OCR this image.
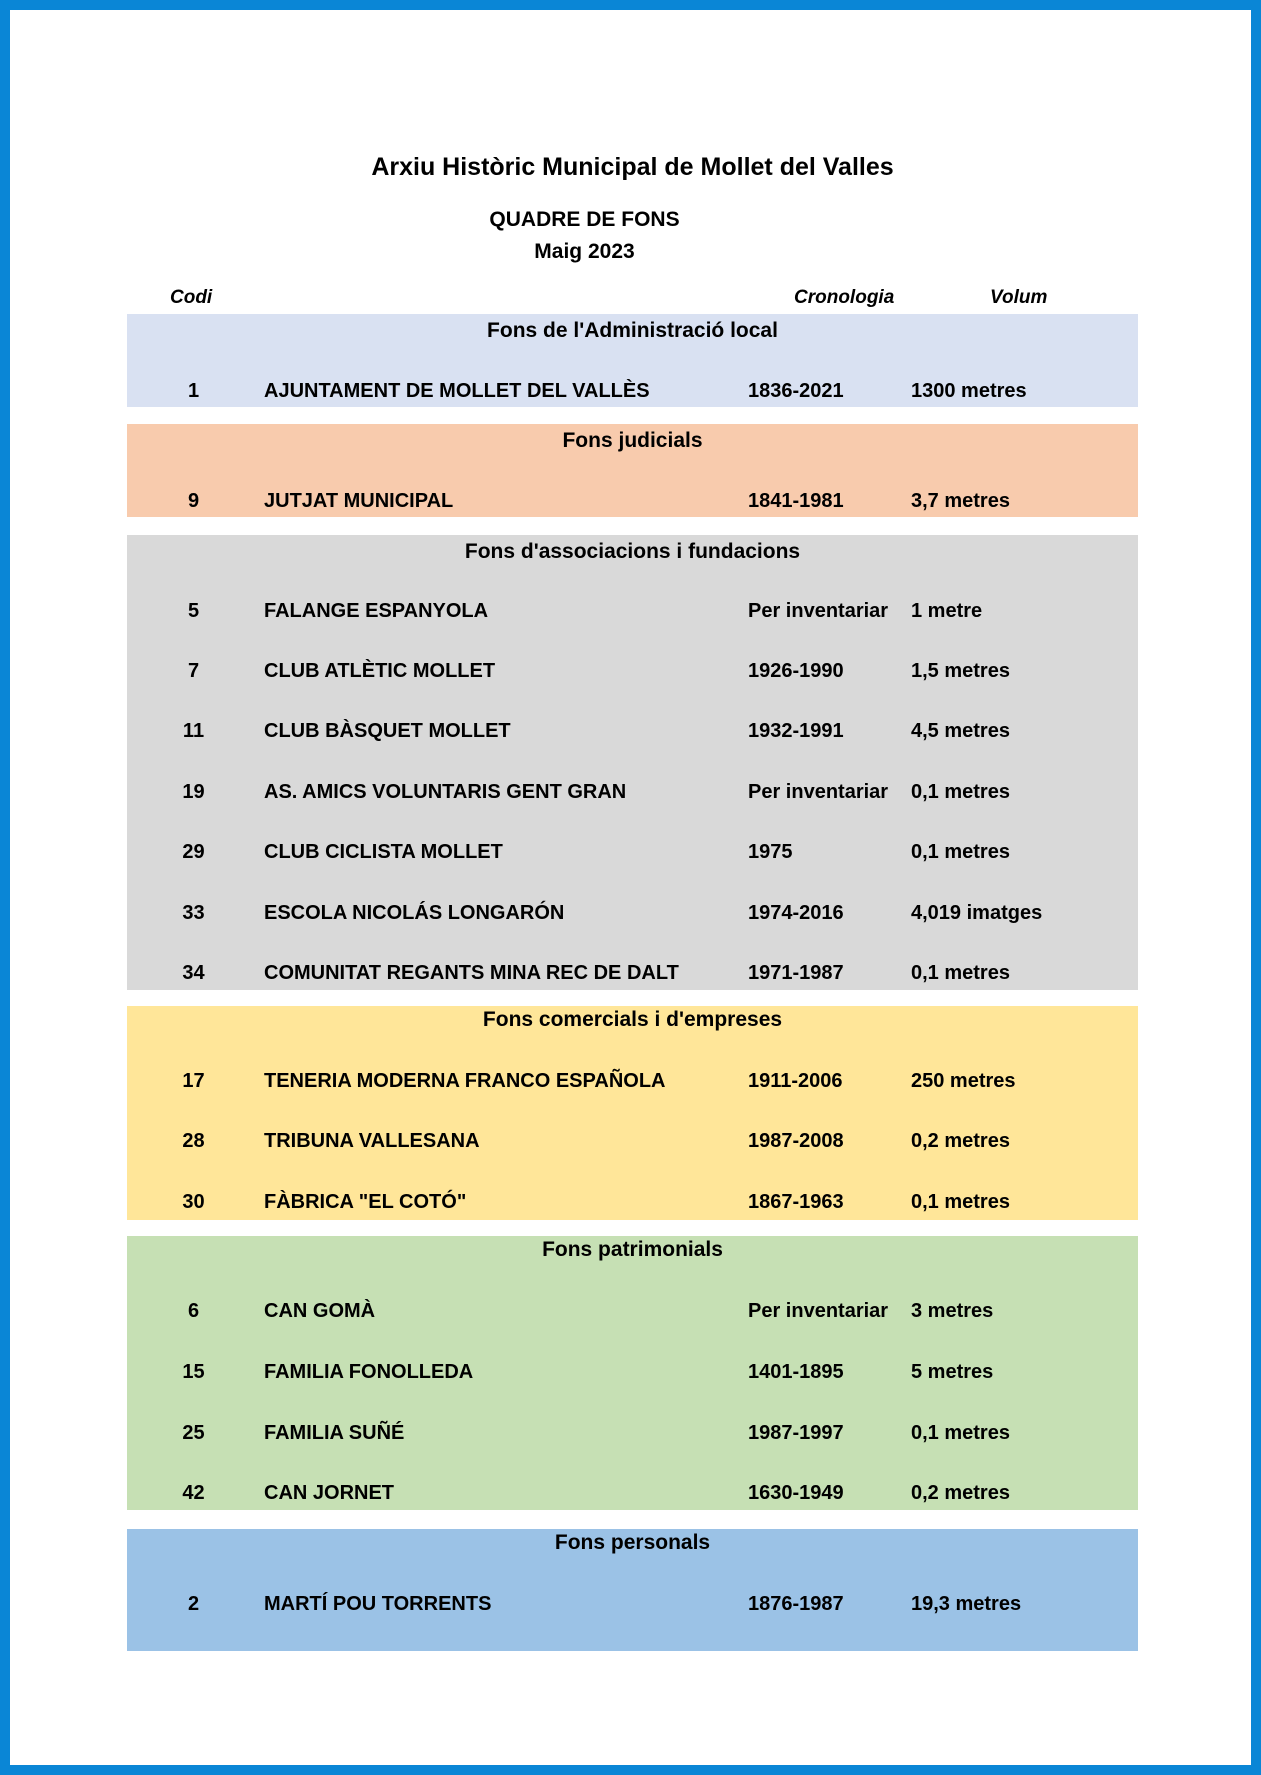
Arxiu Històric Municipal de Mollet del Valles
QUADRE DE FONS
Maig 2023
Codi	Cronologia	Volum
Fons de l'Administració local
1	AJUNTAMENT DE MOLLET DEL VALLÈS	1836-2021	1300 metres
Fons judicials
9	JUTJAT MUNICIPAL	1841-1981	3,7 metres
Fons d'associacions i fundacions
5	FALANGE ESPANYOLA	Per inventariar 1 metre
7	CLUB ATLÈTIC MOLLET	1926-1990	1,5 metres
11	CLUB BÀSQUET MOLLET	1932-1991	4,5 metres
19	AS. AMICS VOLUNTARIS GENT GRAN	Per inventariar 0,1 metres
29	CLUB CICLISTA MOLLET	1975	0,1 metres
33	ESCOLA NICOLÁS LONGARÓN	1974-2016	4,019 imatges
34	COMUNITAT REGANTS MINA REC DE DALT	1971-1987	0,1 metres
Fons comercials i d'empreses
17	TENERIA MODERNA FRANCO ESPAÑOLA	1911-2006	250 metres
28	TRIBUNA VALLESANA	1987-2008	0,2 metres
30	FÀBRICA "EL COTÓ"	1867-1963	0,1 metres
Fons patrimonials
6	CAN GOMÀ	Per inventariar 3 metres
15	FAMILIA FONOLLEDA	1401-1895	5 metres
25	FAMILIA SUÑÉ	1987-1997	0,1 metres
42	CAN JORNET	1630-1949	0,2 metres
Fons personals
2	MARTÍ POU TORRENTS	1876-1987	19,3 metres
